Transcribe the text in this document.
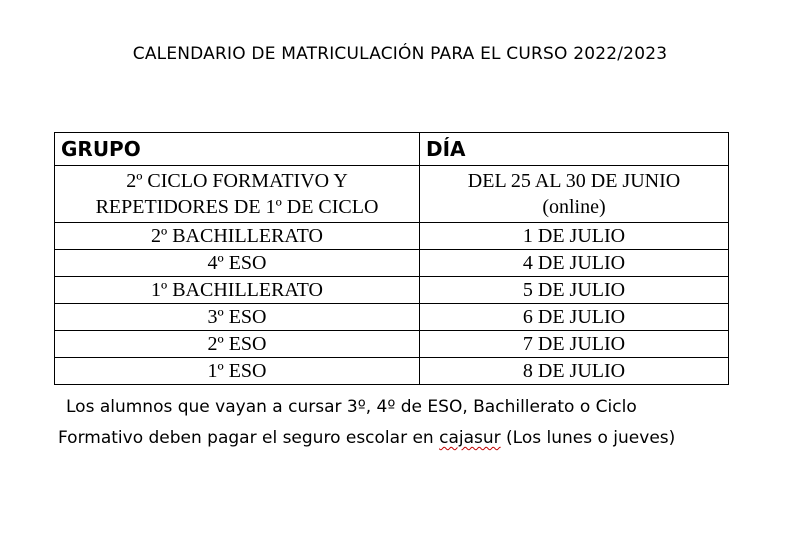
CALENDARIO DE MATRICULACIÓN PARA EL CURSO 2022/2023
GRUPO	DÍA

2º CICLO FORMATIVO Y
REPETIDORES DE 1º DE CICLO	DEL 25 AL 30 DE JUNIO
(online)

2º BACHILLERATO	1 DE JULIO
4º ESO	4 DE JULIO
1º BACHILLERATO	5 DE JULIO
3º ESO	6 DE JULIO
2º ESO	7 DE JULIO
1º ESO	8 DE JULIO
Los alumnos que vayan a cursar 3º, 4º de ESO, Bachillerato o Ciclo
Formativo deben pagar el seguro escolar en cajasur (Los lunes o jueves)
